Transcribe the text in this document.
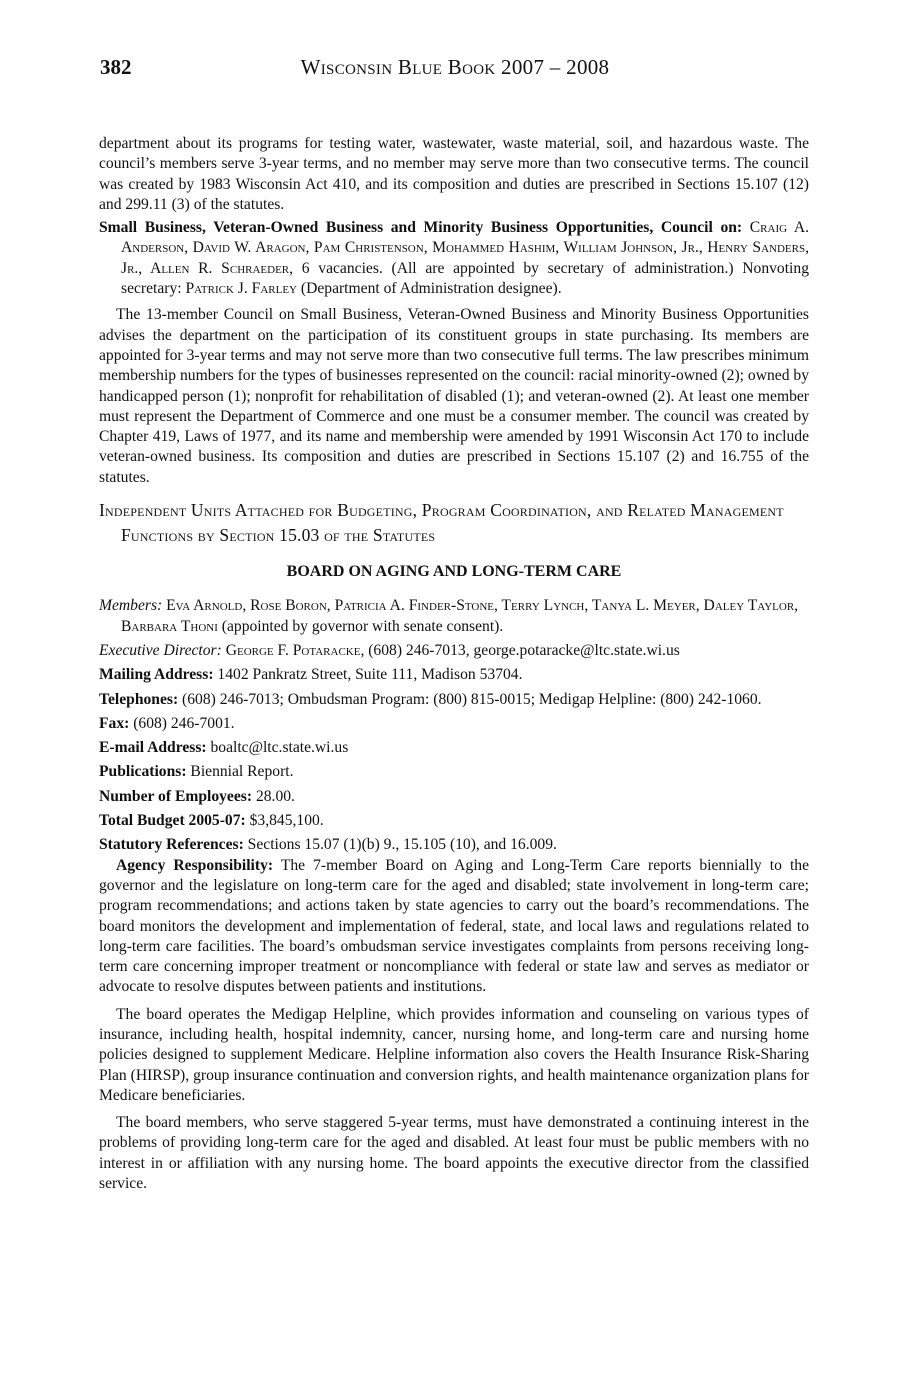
382	Wisconsin Blue Book 2007 – 2008

department about its programs for testing water, wastewater, waste material, soil, and hazardous waste. The council’s members serve 3-year terms, and no member may serve more than two consecutive terms. The council was created by 1983 Wisconsin Act 410, and its composition and duties are prescribed in Sections 15.107 (12) and 299.11 (3) of the statutes.

Small Business, Veteran-Owned Business and Minority Business Opportunities, Council on: Craig A. Anderson, David W. Aragon, Pam Christenson, Mohammed Hashim, William Johnson, Jr., Henry Sanders, Jr., Allen R. Schraeder, 6 vacancies. (All are appointed by secretary of administration.) Nonvoting secretary: Patrick J. Farley (Department of Administration designee).

The 13-member Council on Small Business, Veteran-Owned Business and Minority Business Opportunities advises the department on the participation of its constituent groups in state purchasing. Its members are appointed for 3-year terms and may not serve more than two consecutive full terms. The law prescribes minimum membership numbers for the types of businesses represented on the council: racial minority-owned (2); owned by handicapped person (1); nonprofit for rehabilitation of disabled (1); and veteran-owned (2). At least one member must represent the Department of Commerce and one must be a consumer member. The council was created by Chapter 419, Laws of 1977, and its name and membership were amended by 1991 Wisconsin Act 170 to include veteran-owned business. Its composition and duties are prescribed in Sections 15.107 (2) and 16.755 of the statutes.

Independent Units Attached for Budgeting, Program Coordination, and Related Management Functions by Section 15.03 of the Statutes

BOARD ON AGING AND LONG-TERM CARE

Members: Eva Arnold, Rose Boron, Patricia A. Finder-Stone, Terry Lynch, Tanya L. Meyer, Daley Taylor, Barbara Thoni (appointed by governor with senate consent).

Executive Director: George F. Potaracke, (608) 246-7013, george.potaracke@ltc.state.wi.us

Mailing Address: 1402 Pankratz Street, Suite 111, Madison 53704.

Telephones: (608) 246-7013; Ombudsman Program: (800) 815-0015; Medigap Helpline: (800) 242-1060.

Fax: (608) 246-7001.

E-mail Address: boaltc@ltc.state.wi.us

Publications: Biennial Report.

Number of Employees: 28.00.

Total Budget 2005-07: $3,845,100.

Statutory References: Sections 15.07 (1)(b) 9., 15.105 (10), and 16.009.

Agency Responsibility: The 7-member Board on Aging and Long-Term Care reports biennially to the governor and the legislature on long-term care for the aged and disabled; state involvement in long-term care; program recommendations; and actions taken by state agencies to carry out the board’s recommendations. The board monitors the development and implementation of federal, state, and local laws and regulations related to long-term care facilities. The board’s ombudsman service investigates complaints from persons receiving long-term care concerning improper treatment or noncompliance with federal or state law and serves as mediator or advocate to resolve disputes between patients and institutions.

The board operates the Medigap Helpline, which provides information and counseling on various types of insurance, including health, hospital indemnity, cancer, nursing home, and long-term care and nursing home policies designed to supplement Medicare. Helpline information also covers the Health Insurance Risk-Sharing Plan (HIRSP), group insurance continuation and conversion rights, and health maintenance organization plans for Medicare beneficiaries.

The board members, who serve staggered 5-year terms, must have demonstrated a continuing interest in the problems of providing long-term care for the aged and disabled. At least four must be public members with no interest in or affiliation with any nursing home. The board appoints the executive director from the classified service.
